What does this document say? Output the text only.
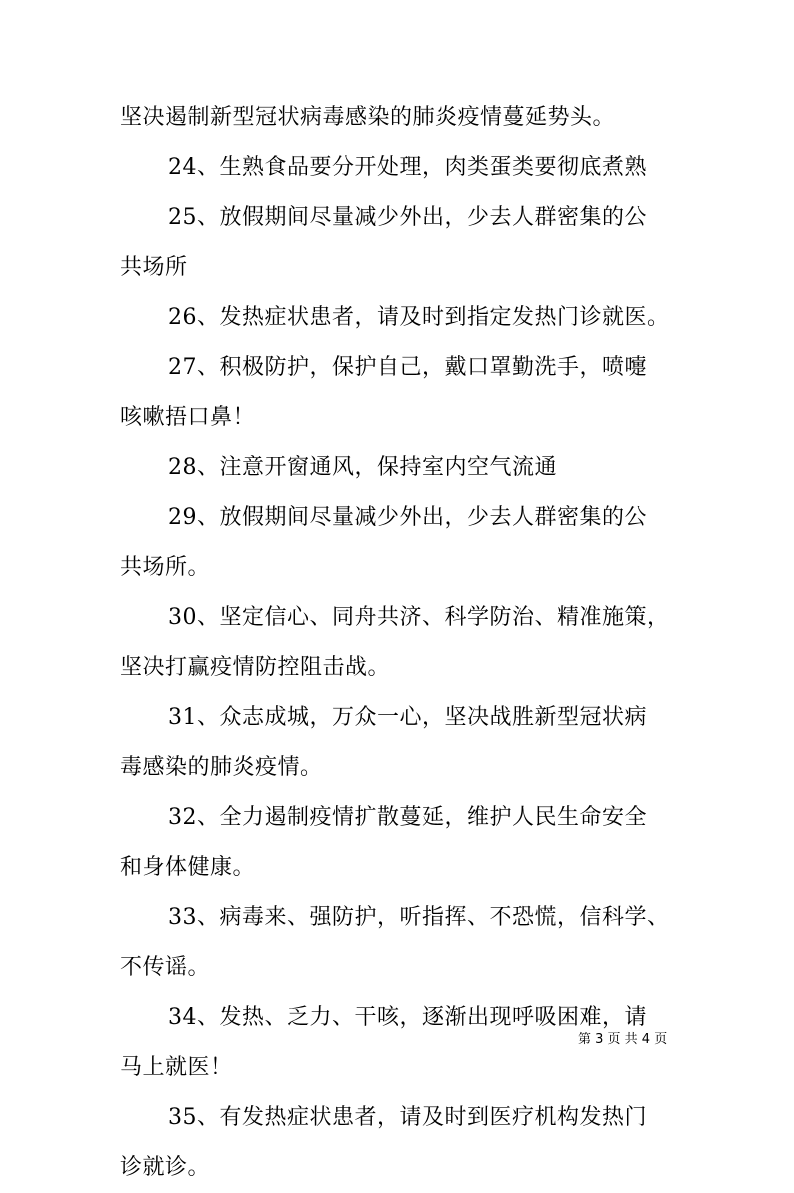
坚决遏制新型冠状病毒感染的肺炎疫情蔓延势头。
24、生熟食品要分开处理，肉类蛋类要彻底煮熟
25、放假期间尽量减少外出，少去人群密集的公
共场所
26、发热症状患者，请及时到指定发热门诊就医。
27、积极防护，保护自己，戴口罩勤洗手，喷嚏
咳嗽捂口鼻！
28、注意开窗通风，保持室内空气流通
29、放假期间尽量减少外出，少去人群密集的公
共场所。
30、坚定信心、同舟共济、科学防治、精准施策，
坚决打赢疫情防控阻击战。
31、众志成城，万众一心，坚决战胜新型冠状病
毒感染的肺炎疫情。
32、全力遏制疫情扩散蔓延，维护人民生命安全
和身体健康。
33、病毒来、强防护，听指挥、不恐慌，信科学、
不传谣。
34、发热、乏力、干咳，逐渐出现呼吸困难，请
马上就医！
35、有发热症状患者，请及时到医疗机构发热门
诊就诊。
第 3 页 共 4 页
